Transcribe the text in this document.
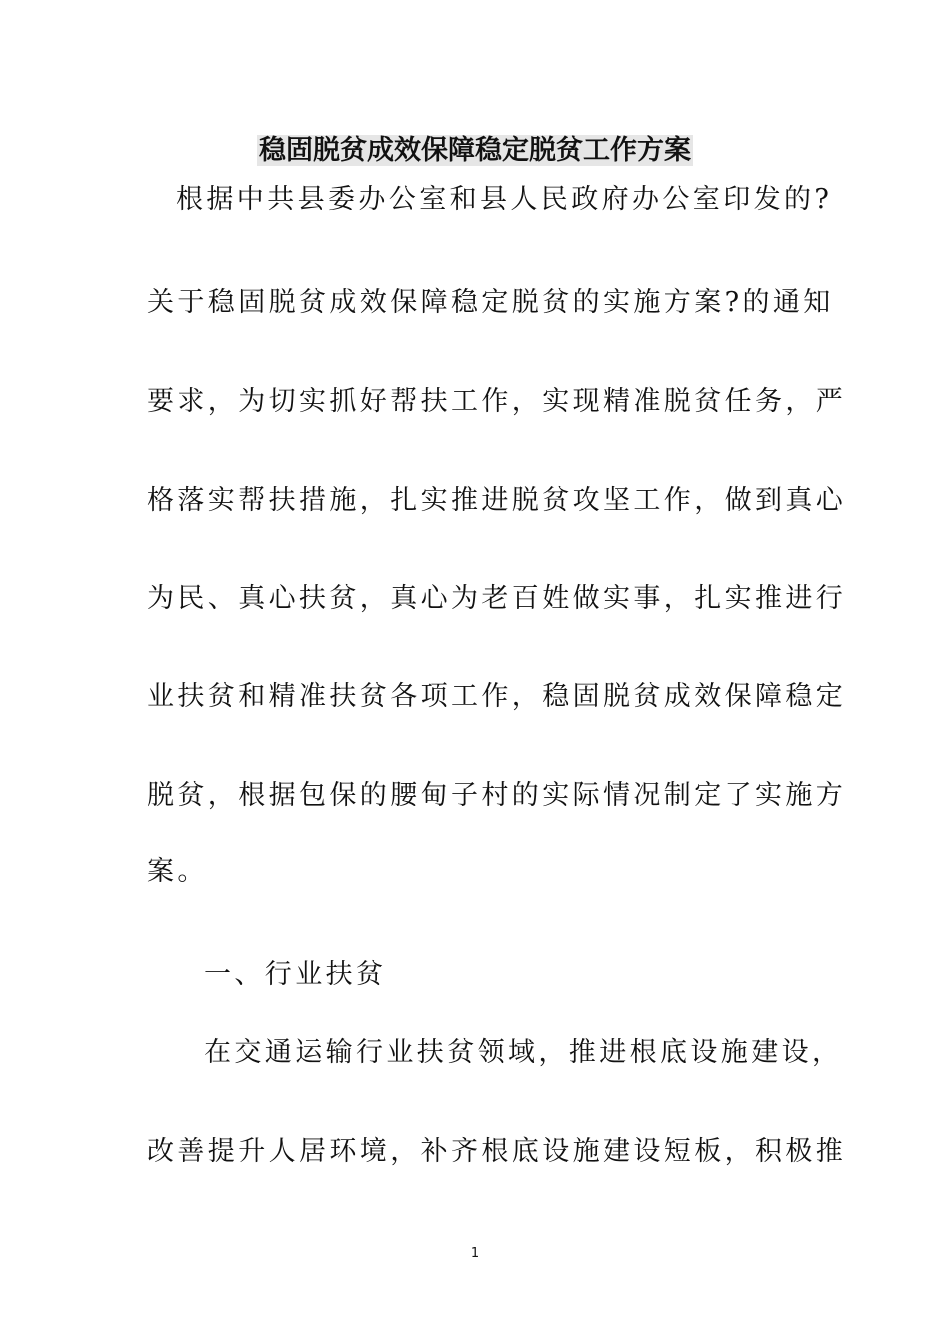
稳固脱贫成效保障稳定脱贫工作方案
根据中共县委办公室和县人民政府办公室印发的?
关于稳固脱贫成效保障稳定脱贫的实施方案?的通知
要求，为切实抓好帮扶工作，实现精准脱贫任务，严
格落实帮扶措施，扎实推进脱贫攻坚工作，做到真心
为民、真心扶贫，真心为老百姓做实事，扎实推进行
业扶贫和精准扶贫各项工作，稳固脱贫成效保障稳定
脱贫，根据包保的腰甸子村的实际情况制定了实施方
案。
一、行业扶贫
在交通运输行业扶贫领域，推进根底设施建设，
改善提升人居环境，补齐根底设施建设短板，积极推
1
